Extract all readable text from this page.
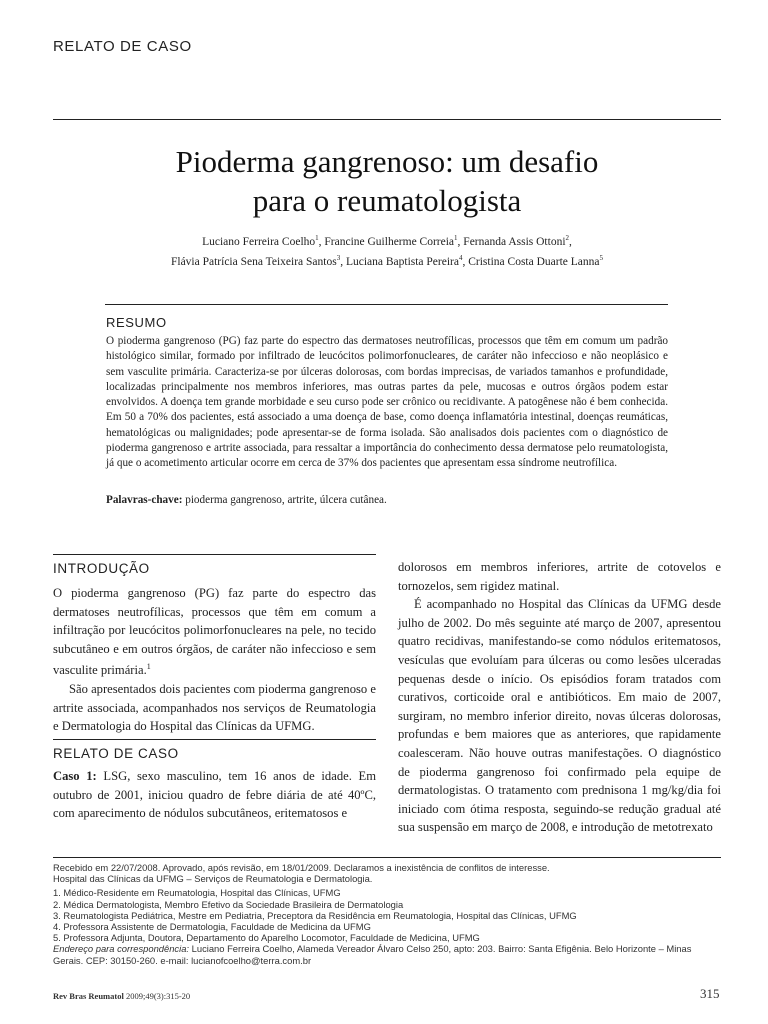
RELATO DE CASO
Pioderma gangrenoso: um desafio
para o reumatologista
Luciano Ferreira Coelho$^1$, Francine Guilherme Correia$^1$, Fernanda Assis Ottoni$^2$,
Flávia Patrícia Sena Teixeira Santos$^3$, Luciana Baptista Pereira$^4$, Cristina Costa Duarte Lanna$^5$
RESUMO
O pioderma gangrenoso (PG) faz parte do espectro das dermatoses neutrofílicas, processos que têm em comum um padrão histológico similar, formado por infiltrado de leucócitos polimorfonucleares, de caráter não infeccioso e não neoplásico e sem vasculite primária. Caracteriza-se por úlceras dolorosas, com bordas imprecisas, de variados tamanhos e profundidade, localizadas principalmente nos membros inferiores, mas outras partes da pele, mucosas e outros órgãos podem estar envolvidos. A doença tem grande morbidade e seu curso pode ser crônico ou recidivante. A patogênese não é bem conhecida. Em 50 a 70% dos pacientes, está associado a uma doença de base, como doença inflamatória intestinal, doenças reumáticas, hematológicas ou malignidades; pode apresentar-se de forma isolada. São analisados dois pacientes com o diagnóstico de pioderma gangrenoso e artrite associada, para ressaltar a importância do conhecimento dessa dermatose pelo reumatologista, já que o acometimento articular ocorre em cerca de 37% dos pacientes que apresentam essa síndrome neutrofílica.
Palavras-chave: pioderma gangrenoso, artrite, úlcera cutânea.
INTRODUÇÃO

O pioderma gangrenoso (PG) faz parte do espectro das dermatoses neutrofílicas, processos que têm em comum a infiltração por leucócitos polimorfonucleares na pele, no tecido subcutâneo e em outros órgãos, de caráter não infeccioso e sem vasculite primária.$^1$

São apresentados dois pacientes com pioderma gangrenoso e artrite associada, acompanhados nos serviços de Reumatologia e Dermatologia do Hospital das Clínicas da UFMG.

RELATO DE CASO

Caso 1: LSG, sexo masculino, tem 16 anos de idade. Em outubro de 2001, iniciou quadro de febre diária de até 40ºC, com aparecimento de nódulos subcutâneos, eritematosos e

dolorosos em membros inferiores, artrite de cotovelos e tornozelos, sem rigidez matinal.

É acompanhado no Hospital das Clínicas da UFMG desde julho de 2002. Do mês seguinte até março de 2007, apresentou quatro recidivas, manifestando-se como nódulos eritematosos, vesículas que evoluíam para úlceras ou como lesões ulceradas pequenas desde o início. Os episódios foram tratados com curativos, corticoide oral e antibióticos. Em maio de 2007, surgiram, no membro inferior direito, novas úlceras dolorosas, profundas e bem maiores que as anteriores, que rapidamente coalesceram. Não houve outras manifestações. O diagnóstico de pioderma gangrenoso foi confirmado pela equipe de dermatologistas. O tratamento com prednisona 1 mg/kg/dia foi iniciado com ótima resposta, seguindo-se redução gradual até sua suspensão em março de 2008, e introdução de metotrexato

Recebido em 22/07/2008. Aprovado, após revisão, em 18/01/2009. Declaramos a inexistência de conflitos de interesse.
Hospital das Clínicas da UFMG – Serviços de Reumatologia e Dermatologia.
1. Médico-Residente em Reumatologia, Hospital das Clínicas, UFMG
2. Médica Dermatologista, Membro Efetivo da Sociedade Brasileira de Dermatologia
3. Reumatologista Pediátrica, Mestre em Pediatria, Preceptora da Residência em Reumatologia, Hospital das Clínicas, UFMG
4. Professora Assistente de Dermatologia, Faculdade de Medicina da UFMG
5. Professora Adjunta, Doutora, Departamento do Aparelho Locomotor, Faculdade de Medicina, UFMG
Endereço para correspondência: Luciano Ferreira Coelho, Alameda Vereador Álvaro Celso 250, apto: 203. Bairro: Santa Efigênia. Belo Horizonte – Minas Gerais. CEP: 30150-260. e-mail: lucianofcoelho@terra.com.br
Rev Bras Reumatol 2009;49(3):315-20	315
